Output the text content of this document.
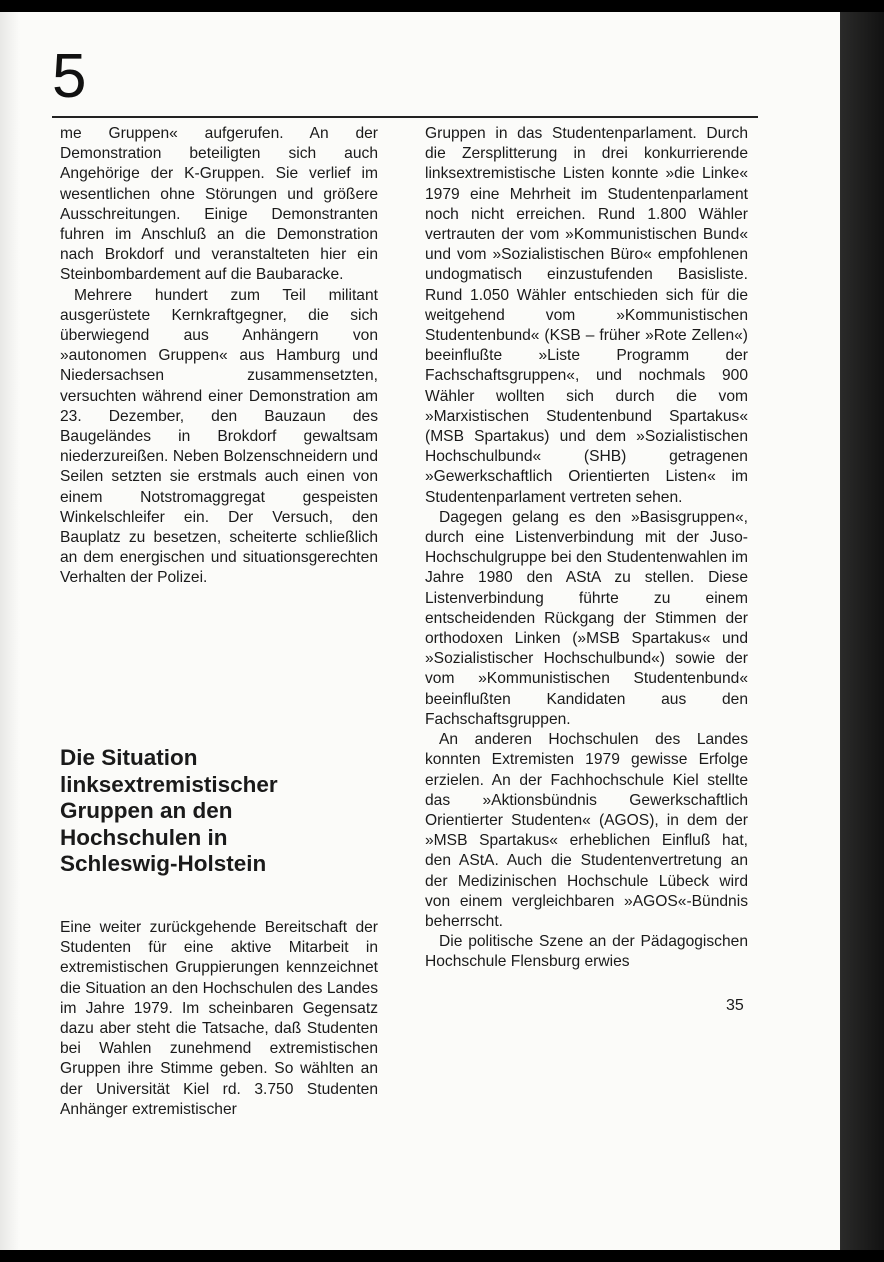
5

me Gruppen« aufgerufen. An der Demonstration beteiligten sich auch Angehörige der K-Gruppen. Sie verlief im wesentlichen ohne Störungen und größere Ausschreitungen. Einige Demonstranten fuhren im Anschluß an die Demonstration nach Brokdorf und veranstalteten hier ein Steinbombardement auf die Baubaracke.

Mehrere hundert zum Teil militant ausgerüstete Kernkraftgegner, die sich überwiegend aus Anhängern von »autonomen Gruppen« aus Hamburg und Niedersachsen zusammensetzten, versuchten während einer Demonstration am 23. Dezember, den Bauzaun des Baugeländes in Brokdorf gewaltsam niederzureißen. Neben Bolzenschneidern und Seilen setzten sie erstmals auch einen von einem Notstromaggregat gespeisten Winkelschleifer ein. Der Versuch, den Bauplatz zu besetzen, scheiterte schließlich an dem energischen und situationsgerechten Verhalten der Polizei.

Die Situation
linksextremistischer
Gruppen an den
Hochschulen in
Schleswig-Holstein

Eine weiter zurückgehende Bereitschaft der Studenten für eine aktive Mitarbeit in extremistischen Gruppierungen kennzeichnet die Situation an den Hochschulen des Landes im Jahre 1979. Im scheinbaren Gegensatz dazu aber steht die Tatsache, daß Studenten bei Wahlen zunehmend extremistischen Gruppen ihre Stimme geben. So wählten an der Universität Kiel rd. 3.750 Studenten Anhänger extremistischer

Gruppen in das Studentenparlament. Durch die Zersplitterung in drei konkurrierende linksextremistische Listen konnte »die Linke« 1979 eine Mehrheit im Studentenparlament noch nicht erreichen. Rund 1.800 Wähler vertrauten der vom »Kommunistischen Bund« und vom »Sozialistischen Büro« empfohlenen undogmatisch einzustufenden Basisliste. Rund 1.050 Wähler entschieden sich für die weitgehend vom »Kommunistischen Studentenbund« (KSB – früher »Rote Zellen«) beeinflußte »Liste Programm der Fachschaftsgruppen«, und nochmals 900 Wähler wollten sich durch die vom »Marxistischen Studentenbund Spartakus« (MSB Spartakus) und dem »Sozialistischen Hochschulbund« (SHB) getragenen »Gewerkschaftlich Orientierten Listen« im Studentenparlament vertreten sehen.

Dagegen gelang es den »Basisgruppen«, durch eine Listenverbindung mit der Juso-Hochschulgruppe bei den Studentenwahlen im Jahre 1980 den AStA zu stellen. Diese Listenverbindung führte zu einem entscheidenden Rückgang der Stimmen der orthodoxen Linken (»MSB Spartakus« und »Sozialistischer Hochschulbund«) sowie der vom »Kommunistischen Studentenbund« beeinflußten Kandidaten aus den Fachschaftsgruppen.

An anderen Hochschulen des Landes konnten Extremisten 1979 gewisse Erfolge erzielen. An der Fachhochschule Kiel stellte das »Aktionsbündnis Gewerkschaftlich Orientierter Studenten« (AGOS), in dem der »MSB Spartakus« erheblichen Einfluß hat, den AStA. Auch die Studentenvertretung an der Medizinischen Hochschule Lübeck wird von einem vergleichbaren »AGOS«-Bündnis beherrscht.

Die politische Szene an der Pädagogischen Hochschule Flensburg erwies

35
